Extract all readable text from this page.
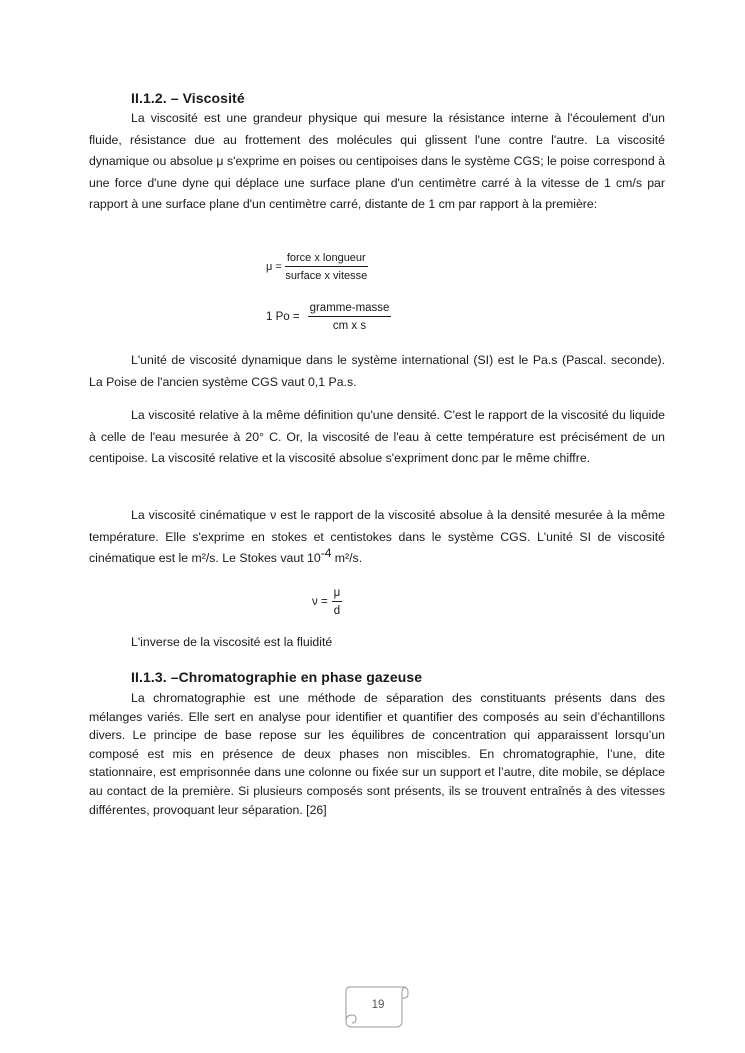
II.1.2. – Viscosité

La viscosité est une grandeur physique qui mesure la résistance interne à l'écoulement d'un fluide, résistance due au frottement des molécules qui glissent l'une contre l'autre. La viscosité dynamique ou absolue μ s'exprime en poises ou centipoises dans le système CGS; le poise correspond à une force d'une dyne qui déplace une surface plane d'un centimètre carré à la vitesse de 1 cm/s par rapport à une surface plane d'un centimètre carré, distante de 1 cm par rapport à la première:

$\mu = \frac{\text{force x longueur}}{\text{surface x vitesse}}$
1 $Po = \frac{\text{gramme-masse}}{\text{cm x s}}$

L'unité de viscosité dynamique dans le système international (SI) est le Pa.s (Pascal. seconde). La Poise de l'ancien système CGS vaut 0,1 Pa.s.

La viscosité relative à la même définition qu'une densité. C'est le rapport de la viscosité du liquide à celle de l'eau mesurée à 20° C. Or, la viscosité de l'eau à cette température est précisément de un centipoise. La viscosité relative et la viscosité absolue s'expriment donc par le même chiffre.

La viscosité cinématique ν est le rapport de la viscosité absolue à la densité mesurée à la même température. Elle s'exprime en stokes et centistokes dans le système CGS. L'unité SI de viscosité cinématique est le m²/s. Le Stokes vaut $10^{-4}$ m²/s.

$\nu = \frac{\mu}{d}$

L'inverse de la viscosité est la fluidité

II.1.3. –Chromatographie en phase gazeuse

La chromatographie est une méthode de séparation des constituants présents dans des mélanges variés. Elle sert en analyse pour identifier et quantifier des composés au sein d’échantillons divers. Le principe de base repose sur les équilibres de concentration qui apparaissent lorsqu’un composé est mis en présence de deux phases non miscibles. En chromatographie, l’une, dite stationnaire, est emprisonnée dans une colonne ou fixée sur un support et l’autre, dite mobile, se déplace au contact de la première. Si plusieurs composés sont présents, ils se trouvent entraînés à des vitesses différentes, provoquant leur séparation. [26]

19
